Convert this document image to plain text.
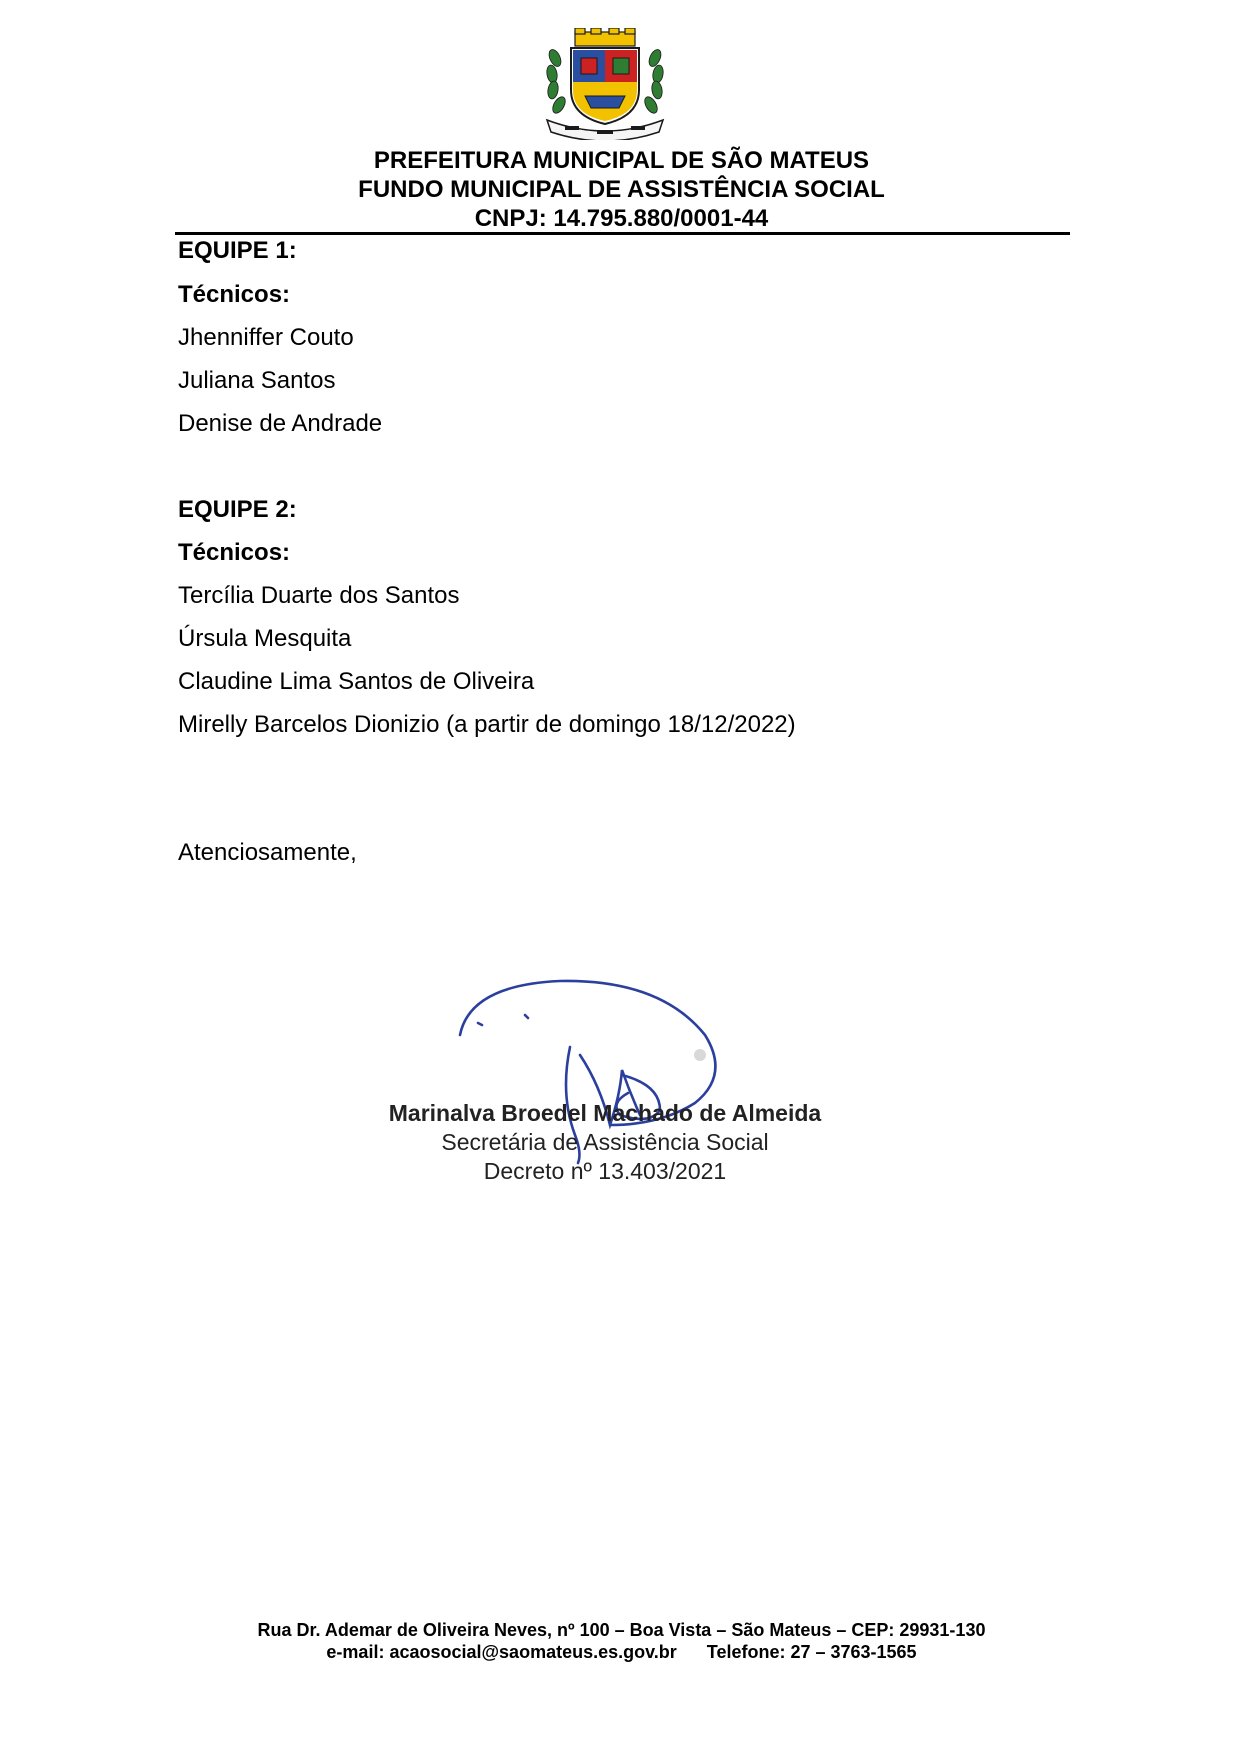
PREFEITURA MUNICIPAL DE SÃO MATEUS
FUNDO MUNICIPAL DE ASSISTÊNCIA SOCIAL
CNPJ: 14.795.880/0001-44
EQUIPE 1:
Técnicos:
Jhenniffer Couto
Juliana Santos
Denise de Andrade
EQUIPE 2:
Técnicos:
Tercília Duarte dos Santos
Úrsula Mesquita
Claudine Lima Santos de Oliveira
Mirelly Barcelos Dionizio (a partir de domingo 18/12/2022)
Atenciosamente,
Marinalva Broedel Machado de Almeida
Secretária de Assistência Social
Decreto nº 13.403/2021
Rua Dr. Ademar de Oliveira Neves, nº 100 – Boa Vista – São Mateus – CEP: 29931-130
e-mail: acaosocial@saomateus.es.gov.br Telefone: 27 – 3763-1565
